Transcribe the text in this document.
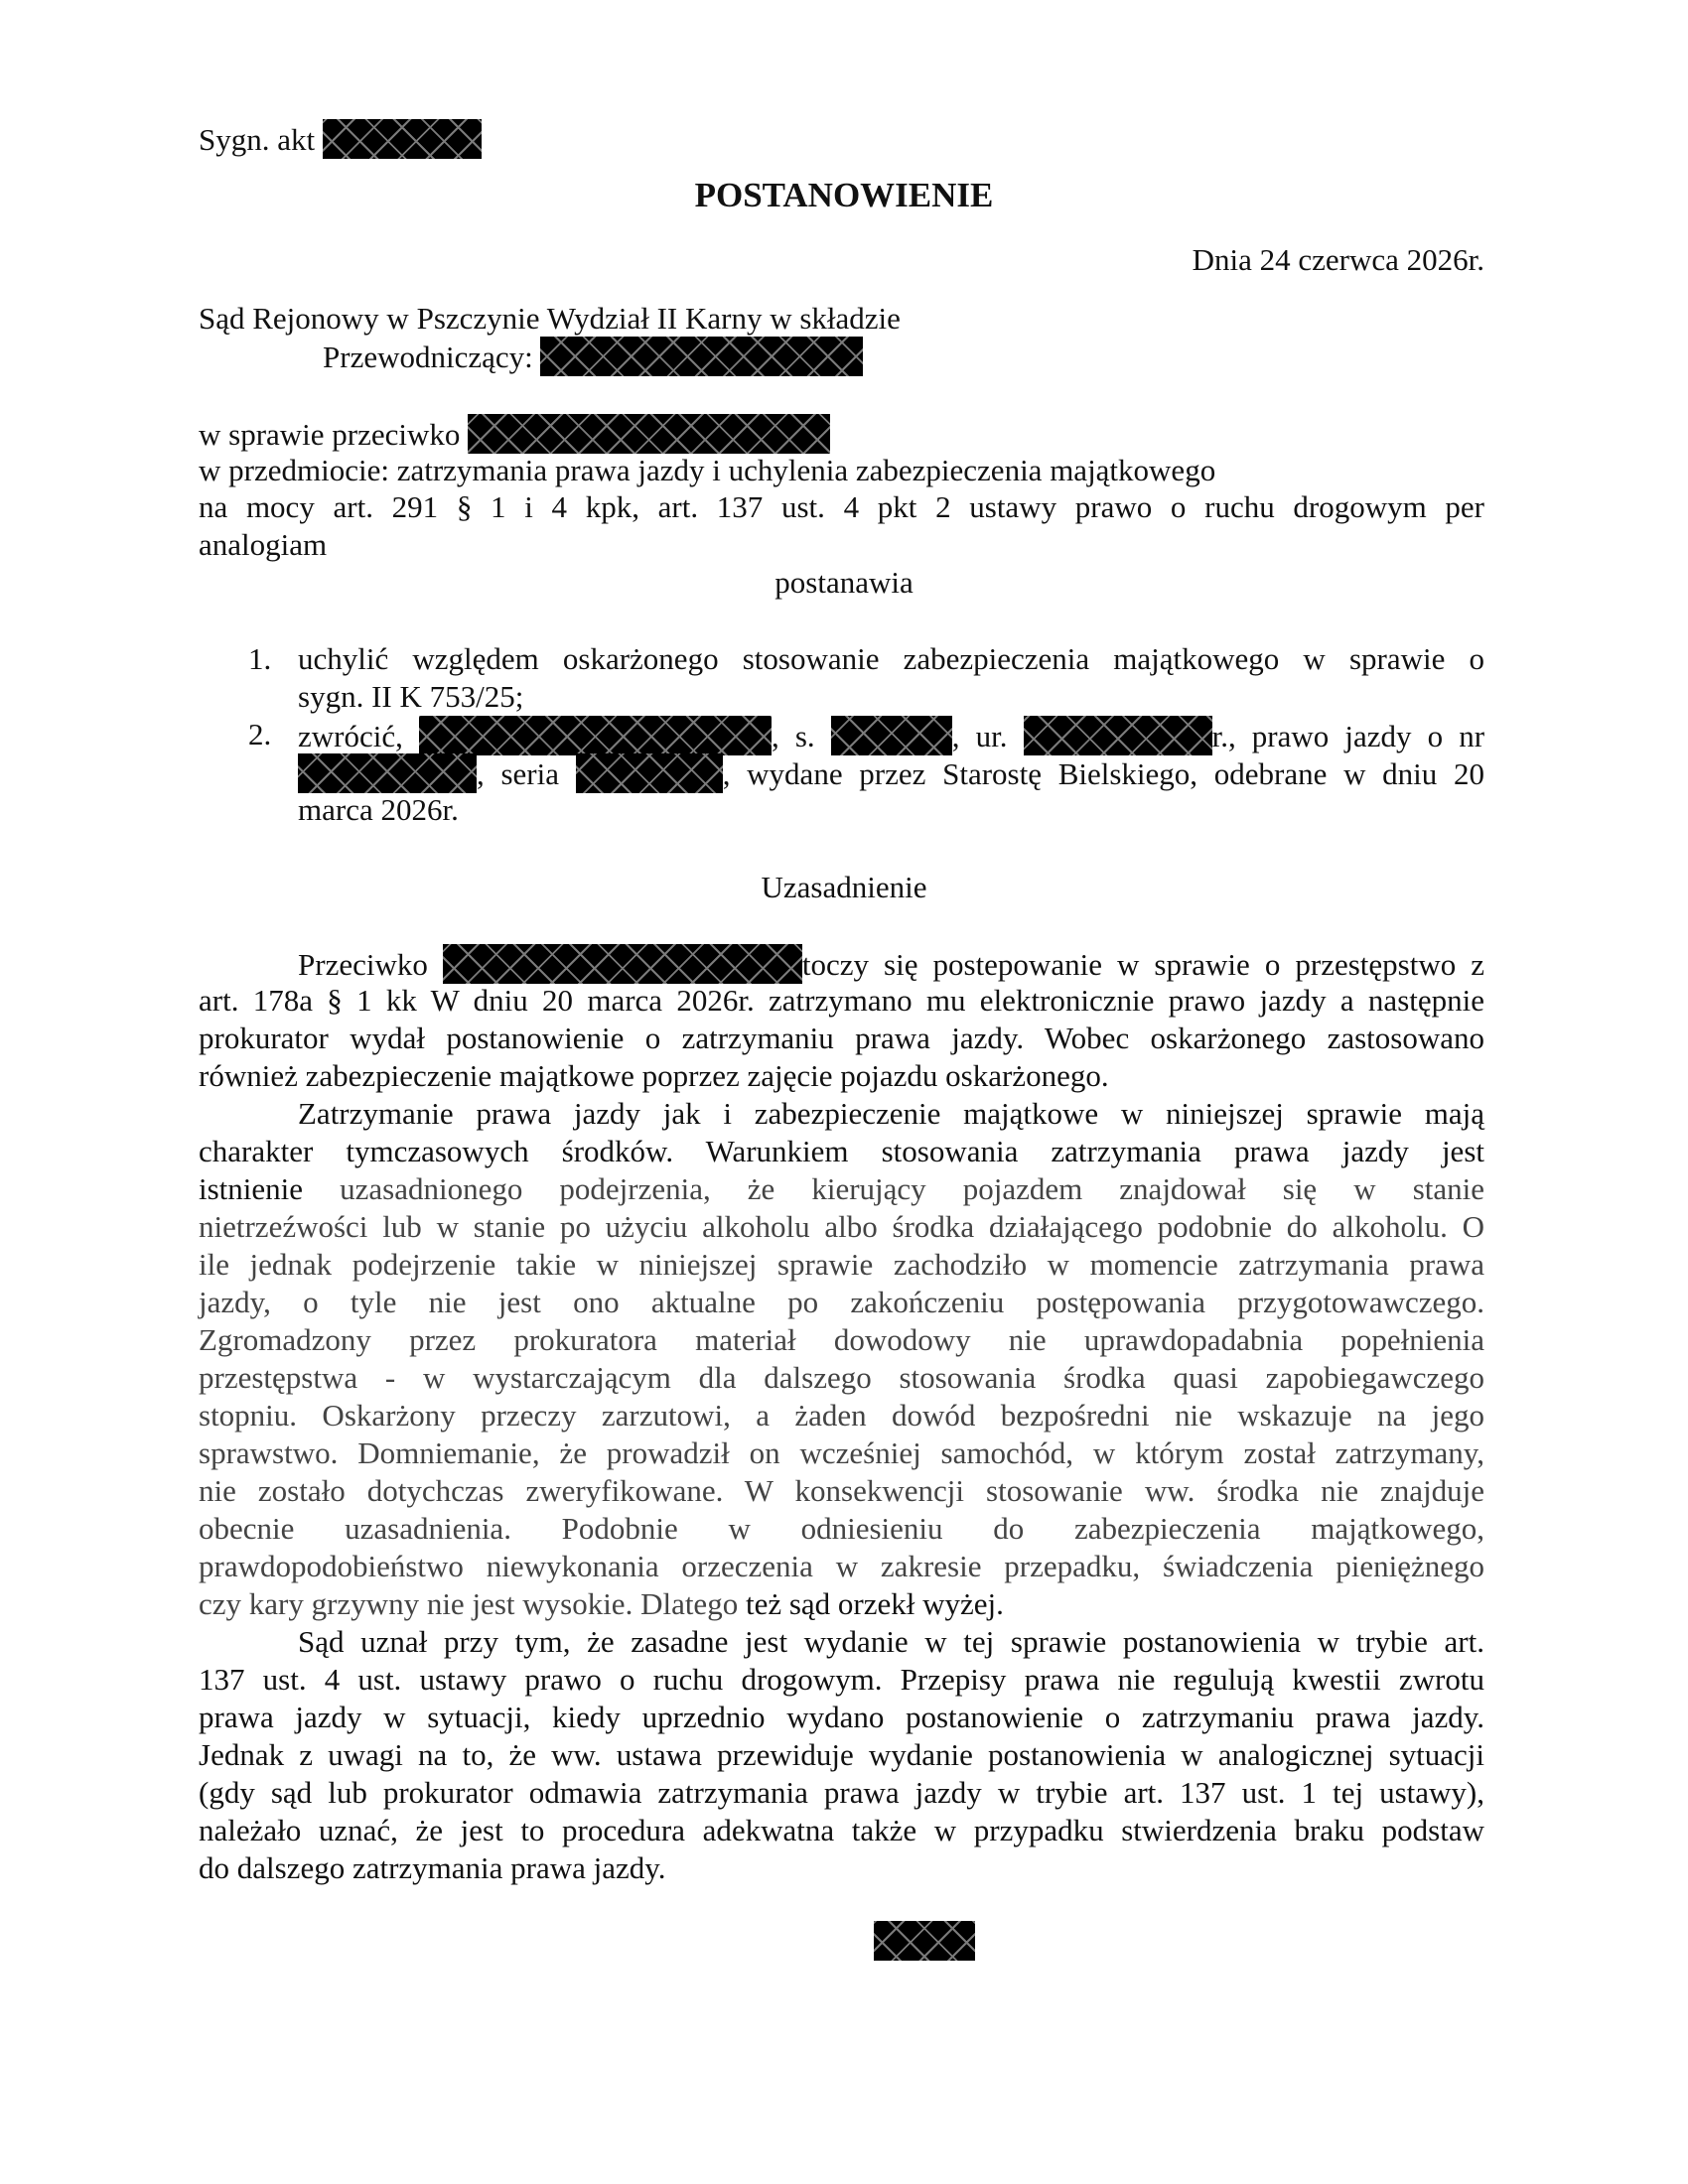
Sygn. akt
POSTANOWIENIE
Dnia 24 czerwca 2026r.
Sąd Rejonowy w Pszczynie Wydział II Karny w składzie
Przewodniczący:
w sprawie przeciwko
w przedmiocie: zatrzymania prawa jazdy i uchylenia zabezpieczenia majątkowego
na mocy art. 291 § 1 i 4 kpk, art. 137 ust. 4 pkt 2 ustawy prawo o ruchu drogowym per
analogiam
postanawia
1. uchylić względem oskarżonego stosowanie zabezpieczenia majątkowego w sprawie o
sygn. II K 753/25;
2. zwrócić,	, s.	, ur.	r., prawo jazdy o nr
, seria	, wydane przez Starostę Bielskiego, odebrane w dniu 20
marca 2026r.
Uzasadnienie
Przeciwko	toczy się postepowanie w sprawie o przestępstwo z
art. 178a § 1 kk W dniu 20 marca 2026r. zatrzymano mu elektronicznie prawo jazdy a następnie
prokurator wydał postanowienie o zatrzymaniu prawa jazdy. Wobec oskarżonego zastosowano
również zabezpieczenie majątkowe poprzez zajęcie pojazdu oskarżonego.
Zatrzymanie prawa jazdy jak i zabezpieczenie majątkowe w niniejszej sprawie mają
charakter tymczasowych środków. Warunkiem stosowania zatrzymania prawa jazdy jest
istnienie uzasadnionego podejrzenia, że kierujący pojazdem znajdował się w stanie
nietrzeźwości lub w stanie po użyciu alkoholu albo środka działającego podobnie do alkoholu. O
ile jednak podejrzenie takie w niniejszej sprawie zachodziło w momencie zatrzymania prawa
jazdy, o tyle nie jest ono aktualne po zakończeniu postępowania przygotowawczego.
Zgromadzony przez prokuratora materiał dowodowy nie uprawdopadabnia popełnienia
przestępstwa - w wystarczającym dla dalszego stosowania środka quasi zapobiegawczego
stopniu. Oskarżony przeczy zarzutowi, a żaden dowód bezpośredni nie wskazuje na jego
sprawstwo. Domniemanie, że prowadził on wcześniej samochód, w którym został zatrzymany,
nie zostało dotychczas zweryfikowane. W konsekwencji stosowanie ww. środka nie znajduje
obecnie uzasadnienia. Podobnie w odniesieniu do zabezpieczenia majątkowego,
prawdopodobieństwo niewykonania orzeczenia w zakresie przepadku, świadczenia pieniężnego
czy kary grzywny nie jest wysokie. Dlatego też sąd orzekł wyżej.
Sąd uznał przy tym, że zasadne jest wydanie w tej sprawie postanowienia w trybie art.
137 ust. 4 ust. ustawy prawo o ruchu drogowym. Przepisy prawa nie regulują kwestii zwrotu
prawa jazdy w sytuacji, kiedy uprzednio wydano postanowienie o zatrzymaniu prawa jazdy.
Jednak z uwagi na to, że ww. ustawa przewiduje wydanie postanowienia w analogicznej sytuacji
(gdy sąd lub prokurator odmawia zatrzymania prawa jazdy w trybie art. 137 ust. 1 tej ustawy),
należało uznać, że jest to procedura adekwatna także w przypadku stwierdzenia braku podstaw
do dalszego zatrzymania prawa jazdy.
